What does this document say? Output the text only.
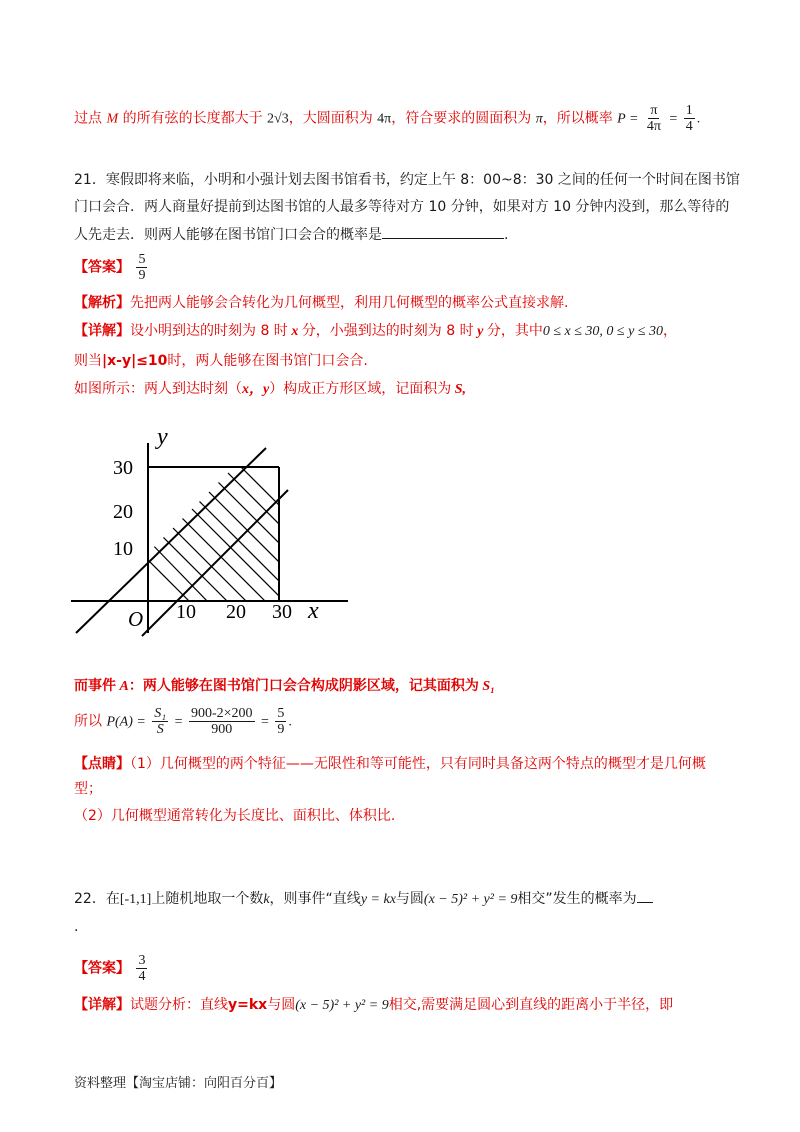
过点 M 的所有弦的长度都大于 2√3，大圆面积为 4π，符合要求的圆面积为 π，所以概率 $P = \frac{\pi}{4\pi} = \frac{1}{4}$ .
21．寒假即将来临，小明和小强计划去图书馆看书，约定上午 8：00~8：30 之间的任何一个时间在图书馆
门口会合．两人商量好提前到达图书馆的人最多等待对方 10 分钟，如果对方 10 分钟内没到，那么等待的
人先走去．则两人能够在图书馆门口会合的概率是	.
【答案】 $\frac{5}{9}$
【解析】先把两人能够会合转化为几何概型，利用几何概型的概率公式直接求解.
【详解】设小明到达的时刻为 8 时 x 分，小强到达的时刻为 8 时 y 分，其中0 ≤ x ≤ 30, 0 ≤ y ≤ 30，
则当|x-y|≤10时，两人能够在图书馆门口会合.
如图所示：两人到达时刻（x，y）构成正方形区域，记面积为 S,
y
x
O
30
20
10
10 20 30
而事件 A：两人能够在图书馆门口会合构成阴影区域，记其面积为 S₁
所以 $P(A) = \frac{\text{S₁}}{S} = \frac{900-2\times 200}{900} = \frac{5}{9}$ .
【点睛】（1）几何概型的两个特征——无限性和等可能性，只有同时具备这两个特点的概型才是几何概
型；
（2）几何概型通常转化为长度比、面积比、体积比.
22．在[-1,1]上随机地取一个数k，则事件“直线y = kx与圆(x − 5)² + y² = 9相交”发生的概率为
.
【答案】 $\frac{3}{4}$
【详解】试题分析：直线y=kx与圆(x − 5)² + y² = 9相交,需要满足圆心到直线的距离小于半径，即
资料整理【淘宝店铺：向阳百分百】
